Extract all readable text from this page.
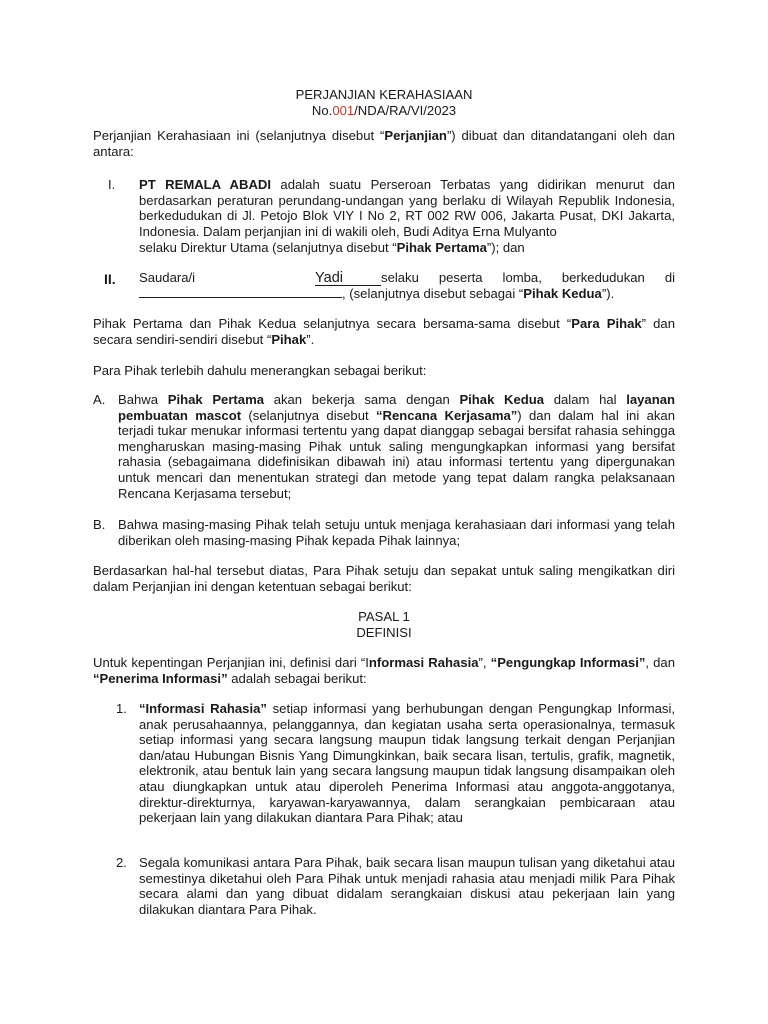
PERJANJIAN KERAHASIAAN
No.001/NDA/RA/VI/2023
Perjanjian Kerahasiaan ini (selanjutnya disebut “Perjanjian”) dibuat dan ditandatangani oleh dan antara:
I. PT REMALA ABADI adalah suatu Perseroan Terbatas yang didirikan menurut dan berdasarkan peraturan perundang-undangan yang berlaku di Wilayah Republik Indonesia, berkedudukan di Jl. Petojo Blok VIY I No 2, RT 002 RW 006, Jakarta Pusat, DKI Jakarta, Indonesia. Dalam perjanjian ini di wakili oleh, Budi Aditya Erna Mulyanto
selaku Direktur Utama (selanjutnya disebut “Pihak Pertama”); dan
II. Saudara/i	Yadi	selaku peserta lomba, berkedudukan di
, (selanjutnya disebut sebagai “Pihak Kedua”).
Pihak Pertama dan Pihak Kedua selanjutnya secara bersama-sama disebut “Para Pihak” dan secara sendiri-sendiri disebut “Pihak”.
Para Pihak terlebih dahulu menerangkan sebagai berikut:
A. Bahwa Pihak Pertama akan bekerja sama dengan Pihak Kedua dalam hal layanan pembuatan mascot (selanjutnya disebut “Rencana Kerjasama”) dan dalam hal ini akan terjadi tukar menukar informasi tertentu yang dapat dianggap sebagai bersifat rahasia sehingga mengharuskan masing-masing Pihak untuk saling mengungkapkan informasi yang bersifat rahasia (sebagaimana didefinisikan dibawah ini) atau informasi tertentu yang dipergunakan untuk mencari dan menentukan strategi dan metode yang tepat dalam rangka pelaksanaan Rencana Kerjasama tersebut;
B. Bahwa masing-masing Pihak telah setuju untuk menjaga kerahasiaan dari informasi yang telah diberikan oleh masing-masing Pihak kepada Pihak lainnya;
Berdasarkan hal-hal tersebut diatas, Para Pihak setuju dan sepakat untuk saling mengikatkan diri dalam Perjanjian ini dengan ketentuan sebagai berikut:
PASAL 1
DEFINISI
Untuk kepentingan Perjanjian ini, definisi dari “Informasi Rahasia”, “Pengungkap Informasi”, dan “Penerima Informasi” adalah sebagai berikut:
1. “Informasi Rahasia” setiap informasi yang berhubungan dengan Pengungkap Informasi, anak perusahaannya, pelanggannya, dan kegiatan usaha serta operasionalnya, termasuk setiap informasi yang secara langsung maupun tidak langsung terkait dengan Perjanjian dan/atau Hubungan Bisnis Yang Dimungkinkan, baik secara lisan, tertulis, grafik, magnetik, elektronik, atau bentuk lain yang secara langsung maupun tidak langsung disampaikan oleh atau diungkapkan untuk atau diperoleh Penerima Informasi atau anggota-anggotanya, direktur-direkturnya, karyawan-karyawannya, dalam serangkaian pembicaraan atau pekerjaan lain yang dilakukan diantara Para Pihak; atau
2. Segala komunikasi antara Para Pihak, baik secara lisan maupun tulisan yang diketahui atau semestinya diketahui oleh Para Pihak untuk menjadi rahasia atau menjadi milik Para Pihak secara alami dan yang dibuat didalam serangkaian diskusi atau pekerjaan lain yang dilakukan diantara Para Pihak.
